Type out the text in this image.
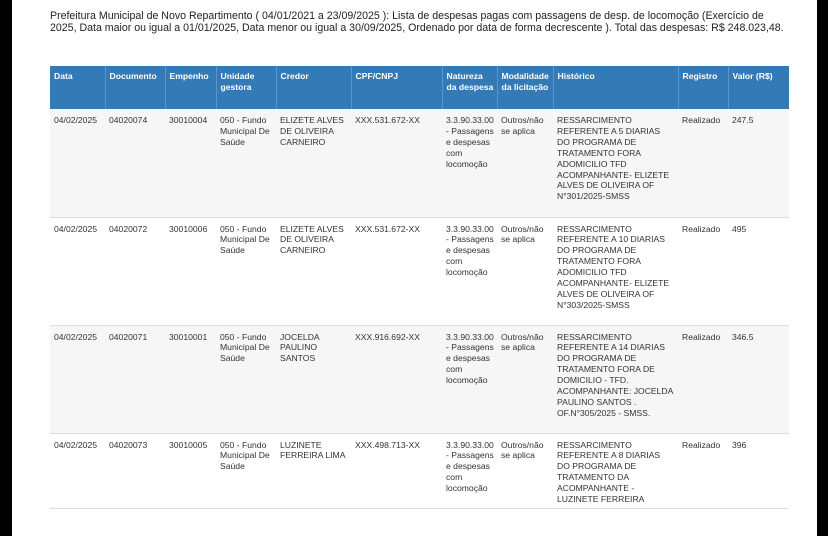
Prefeitura Municipal de Novo Repartimento ( 04/01/2021 a 23/09/2025 ): Lista de despesas pagas com passagens de desp. de locomoção (Exercício de 2025, Data maior ou igual a 01/01/2025, Data menor ou igual a 30/09/2025, Ordenado por data de forma decrescente ). Total das despesas: R$ 248.023,48.

Data	Documento	Empenho	Unidade gestora	Credor	CPF/CNPJ	Natureza da despesa	Modalidade da licitação	Histórico	Registro	Valor (R$)
04/02/2025	04020074	30010004	050 - Fundo Municipal De Saúde	ELIZETE ALVES DE OLIVEIRA CARNEIRO	XXX.531.672-XX	3.3.90.33.00 - Passagens e despesas com locomoção	Outros/não se aplica	RESSARCIMENTO REFERENTE A 5 DIARIAS DO PROGRAMA DE TRATAMENTO FORA ADOMICILIO TFD ACOMPANHANTE- ELIZETE ALVES DE OLIVEIRA OF N°301/2025-SMSS	Realizado	247.5
04/02/2025	04020072	30010006	050 - Fundo Municipal De Saúde	ELIZETE ALVES DE OLIVEIRA CARNEIRO	XXX.531.672-XX	3.3.90.33.00 - Passagens e despesas com locomoção	Outros/não se aplica	RESSARCIMENTO REFERENTE A 10 DIARIAS DO PROGRAMA DE TRATAMENTO FORA ADOMICILIO TFD ACOMPANHANTE- ELIZETE ALVES DE OLIVEIRA OF N°303/2025-SMSS	Realizado	495
04/02/2025	04020071	30010001	050 - Fundo Municipal De Saúde	JOCELDA PAULINO SANTOS	XXX.916.692-XX	3.3.90.33.00 - Passagens e despesas com locomoção	Outros/não se aplica	RESSARCIMENTO REFERENTE A 14 DIARIAS DO PROGRAMA DE TRATAMENTO FORA DE DOMICILIO - TFD. ACOMPANHANTE: JOCELDA PAULINO SANTOS . OF.N°305/2025 - SMSS.	Realizado	346.5
04/02/2025	04020073	30010005	050 - Fundo Municipal De Saúde	LUZINETE FERREIRA LIMA	XXX.498.713-XX	3.3.90.33.00 - Passagens e despesas com locomoção	Outros/não se aplica	RESSARCIMENTO REFERENTE A 8 DIARIAS DO PROGRAMA DE TRATAMENTO DA ACOMPANHANTE -LUZINETE FERREIRA	Realizado	396
